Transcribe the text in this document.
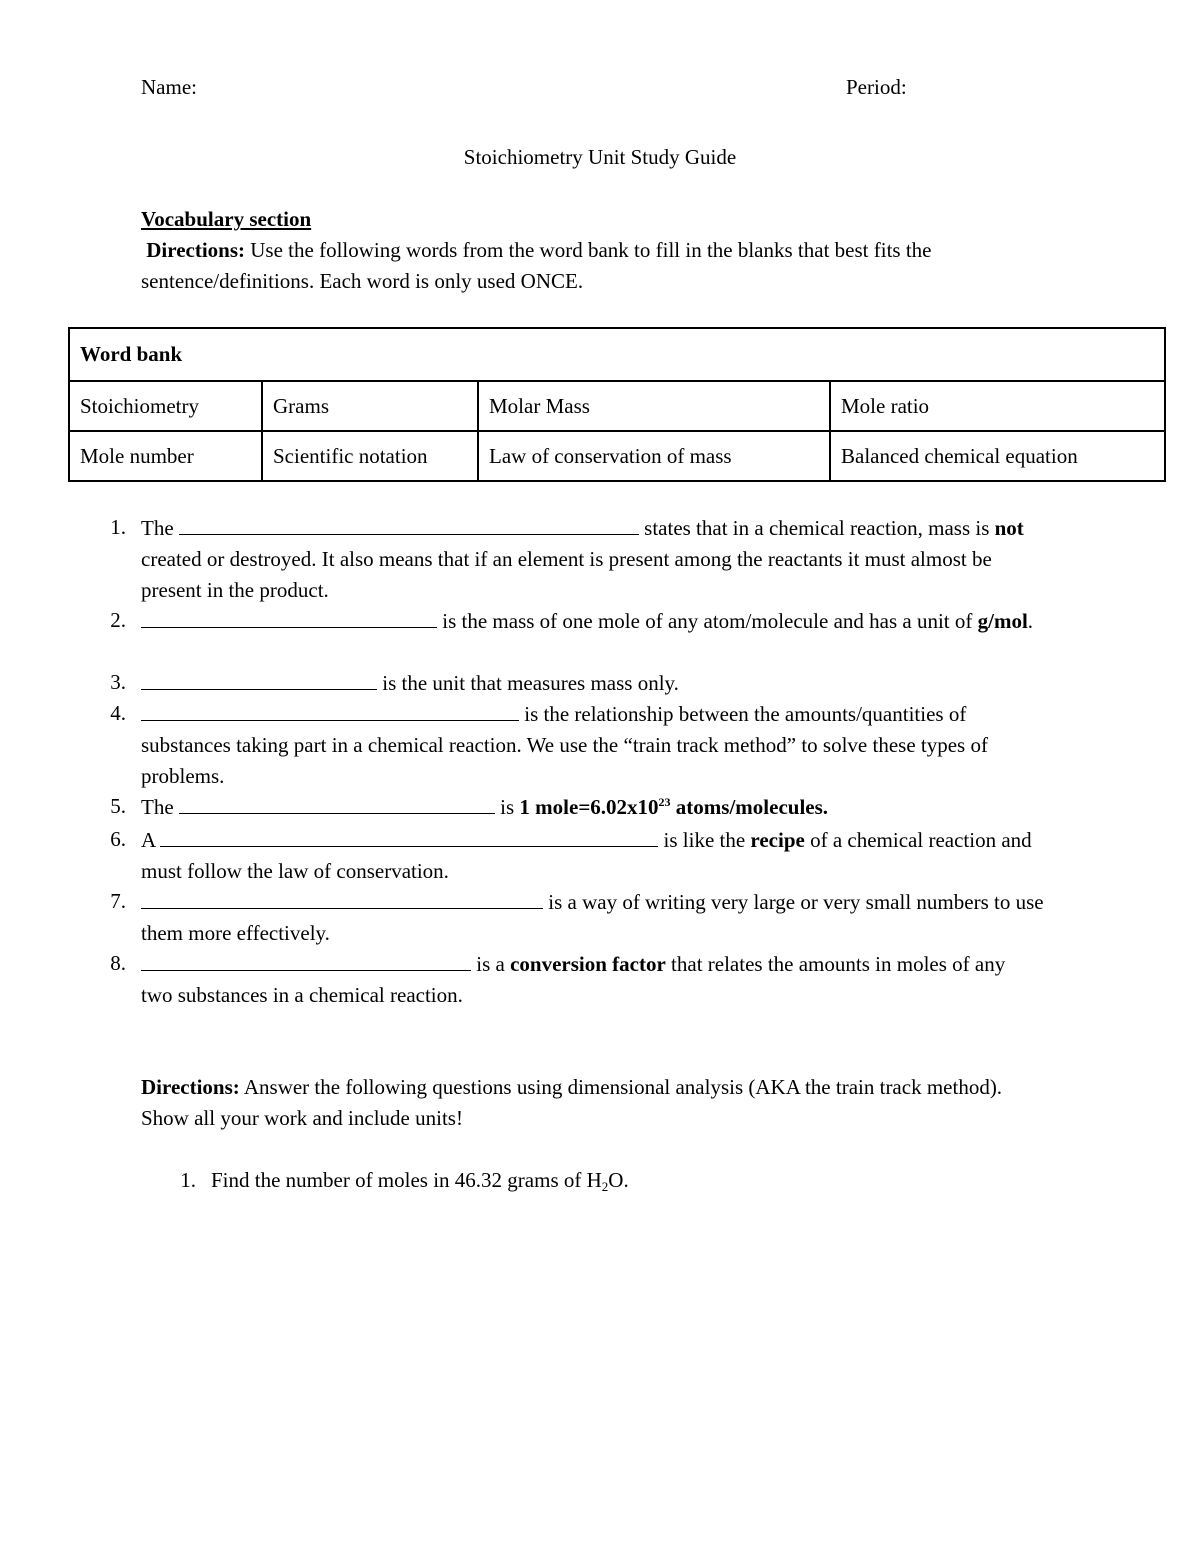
Name:	Period:
Stoichiometry Unit Study Guide
Vocabulary section
Directions: Use the following words from the word bank to fill in the blanks that best fits the sentence/definitions. Each word is only used ONCE.
Word bank			
Stoichiometry	Grams	Molar Mass	Mole ratio
Mole number	Scientific notation	Law of conservation of mass	Balanced chemical equation
1. The	states that in a chemical reaction, mass is not created or destroyed. It also means that if an element is present among the reactants it must almost be present in the product.
2.	is the mass of one mole of any atom/molecule and has a unit of g/mol.
3.	is the unit that measures mass only.
4.	is the relationship between the amounts/quantities of substances taking part in a chemical reaction. We use the “train track method” to solve these types of problems.
5. The	is 1 $mole=6.02x10^{23}$ atoms/molecules.
6. A	is like the recipe of a chemical reaction and must follow the law of conservation.
7.	is a way of writing very large or very small numbers to use them more effectively.
8.	is a conversion factor that relates the amounts in moles of any two substances in a chemical reaction.
Directions: Answer the following questions using dimensional analysis (AKA the train track method). Show all your work and include units!
1. Find the number of moles in 46.32 grams of $H_2O$.
